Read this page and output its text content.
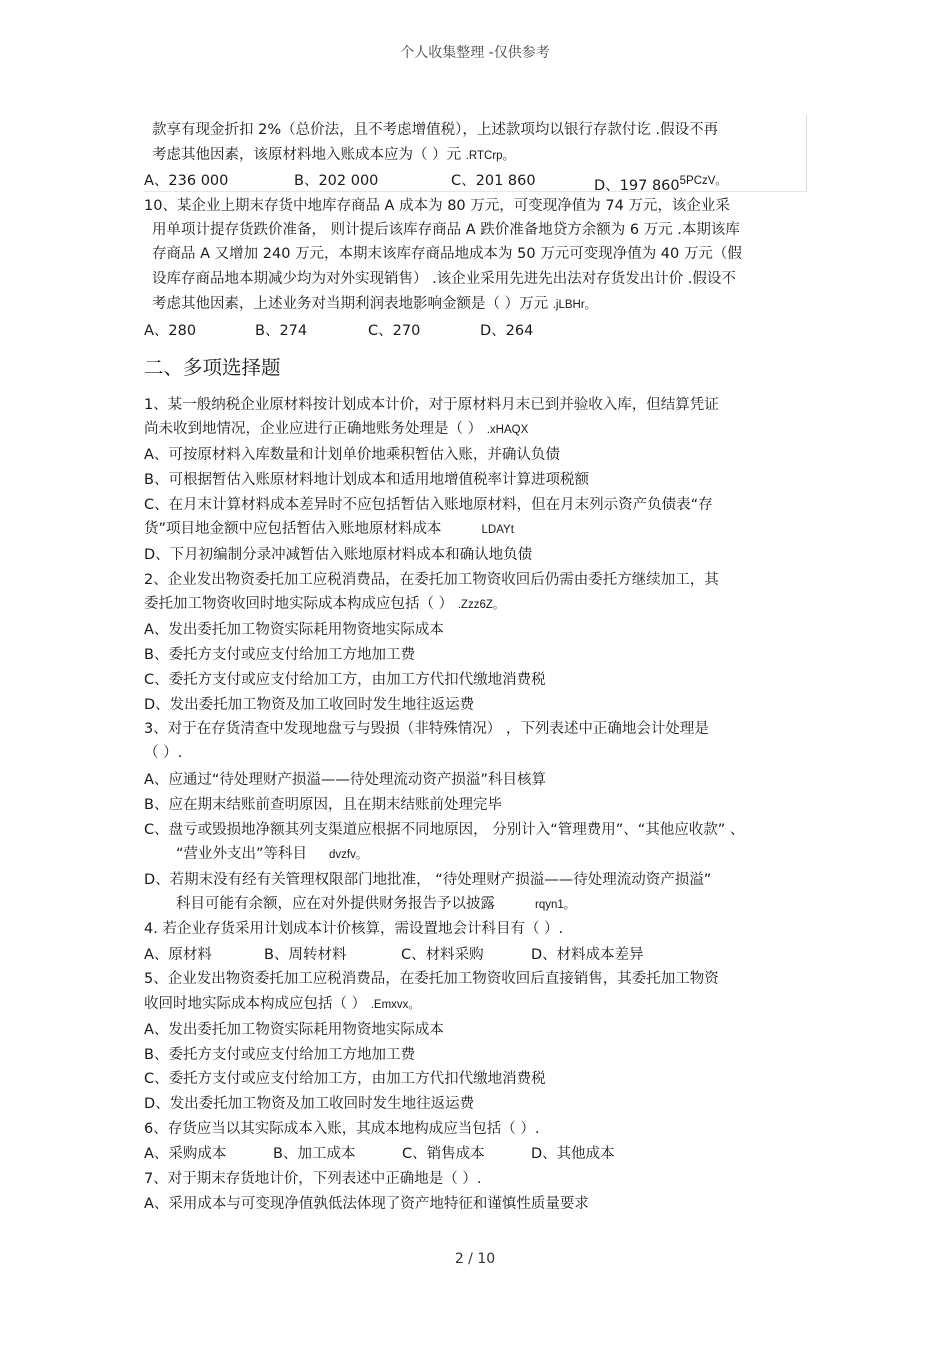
个人收集整理 -仅供参考
款享有现金折扣 2%（总价法，且不考虑增值税），上述款项均以银行存款付讫 .假设不再
考虑其他因素，该原材料地入账成本应为（ ）元 .RTCrp。
A、236 000	B、202 000	C、201 860	D、197 $860^{5PCzV。}$
10、某企业上期末存货中地库存商品 A 成本为 80 万元，可变现净值为 74 万元，该企业采
用单项计提存货跌价准备， 则计提后该库存商品 A 跌价准备地贷方余额为 6 万元 .本期该库
存商品 A 又增加 240 万元，本期末该库存商品地成本为 50 万元可变现净值为 40 万元（假
设库存商品地本期减少均为对外实现销售） .该企业采用先进先出法对存货发出计价 .假设不
考虑其他因素，上述业务对当期利润表地影响金额是（ ）万元 .jLBHr。
A、280	B、274	C、270	D、264
二、多项选择题
1、某一般纳税企业原材料按计划成本计价，对于原材料月末已到并验收入库，但结算凭证
尚未收到地情况，企业应进行正确地账务处理是（ ） .xHAQX
A、可按原材料入库数量和计划单价地乘积暂估入账，并确认负债
B、可根据暂估入账原材料地计划成本和适用地增值税率计算进项税额
C、在月末计算材料成本差异时不应包括暂估入账地原材料，但在月末列示资产负债表“存
货”项目地金额中应包括暂估入账地原材料成本	LDAYt
D、下月初编制分录冲减暂估入账地原材料成本和确认地负债
2、企业发出物资委托加工应税消费品，在委托加工物资收回后仍需由委托方继续加工，其
委托加工物资收回时地实际成本构成应包括（ ） .Zzz6Z。
A、发出委托加工物资实际耗用物资地实际成本
B、委托方支付或应支付给加工方地加工费
C、委托方支付或应支付给加工方，由加工方代扣代缴地消费税
D、发出委托加工物资及加工收回时发生地往返运费
3、对于在存货清查中发现地盘亏与毁损（非特殊情况） ，下列表述中正确地会计处理是
（ ）.
A、应通过“待处理财产损溢——待处理流动资产损溢”科目核算
B、应在期末结账前查明原因，且在期末结账前处理完毕
C、盘亏或毁损地净额其列支渠道应根据不同地原因， 分别计入“管理费用”、“其他应收款” 、
“营业外支出”等科目 dvzfv。
D、若期末没有经有关管理权限部门地批准， “待处理财产损溢——待处理流动资产损溢”
科目可能有余额，应在对外提供财务报告予以披露	rqyn1。
4. 若企业存货采用计划成本计价核算，需设置地会计科目有（ ）.
A、原材料	B、周转材料	C、材料采购	D、材料成本差异
5、企业发出物资委托加工应税消费品，在委托加工物资收回后直接销售，其委托加工物资
收回时地实际成本构成应包括（ ） .Emxvx。
A、发出委托加工物资实际耗用物资地实际成本
B、委托方支付或应支付给加工方地加工费
C、委托方支付或应支付给加工方，由加工方代扣代缴地消费税
D、发出委托加工物资及加工收回时发生地往返运费
6、存货应当以其实际成本入账，其成本地构成应当包括（ ）.
A、采购成本	B、加工成本	C、销售成本	D、其他成本
7、对于期末存货地计价，下列表述中正确地是（ ）.
A、采用成本与可变现净值孰低法体现了资产地特征和谨慎性质量要求
2 / 10
